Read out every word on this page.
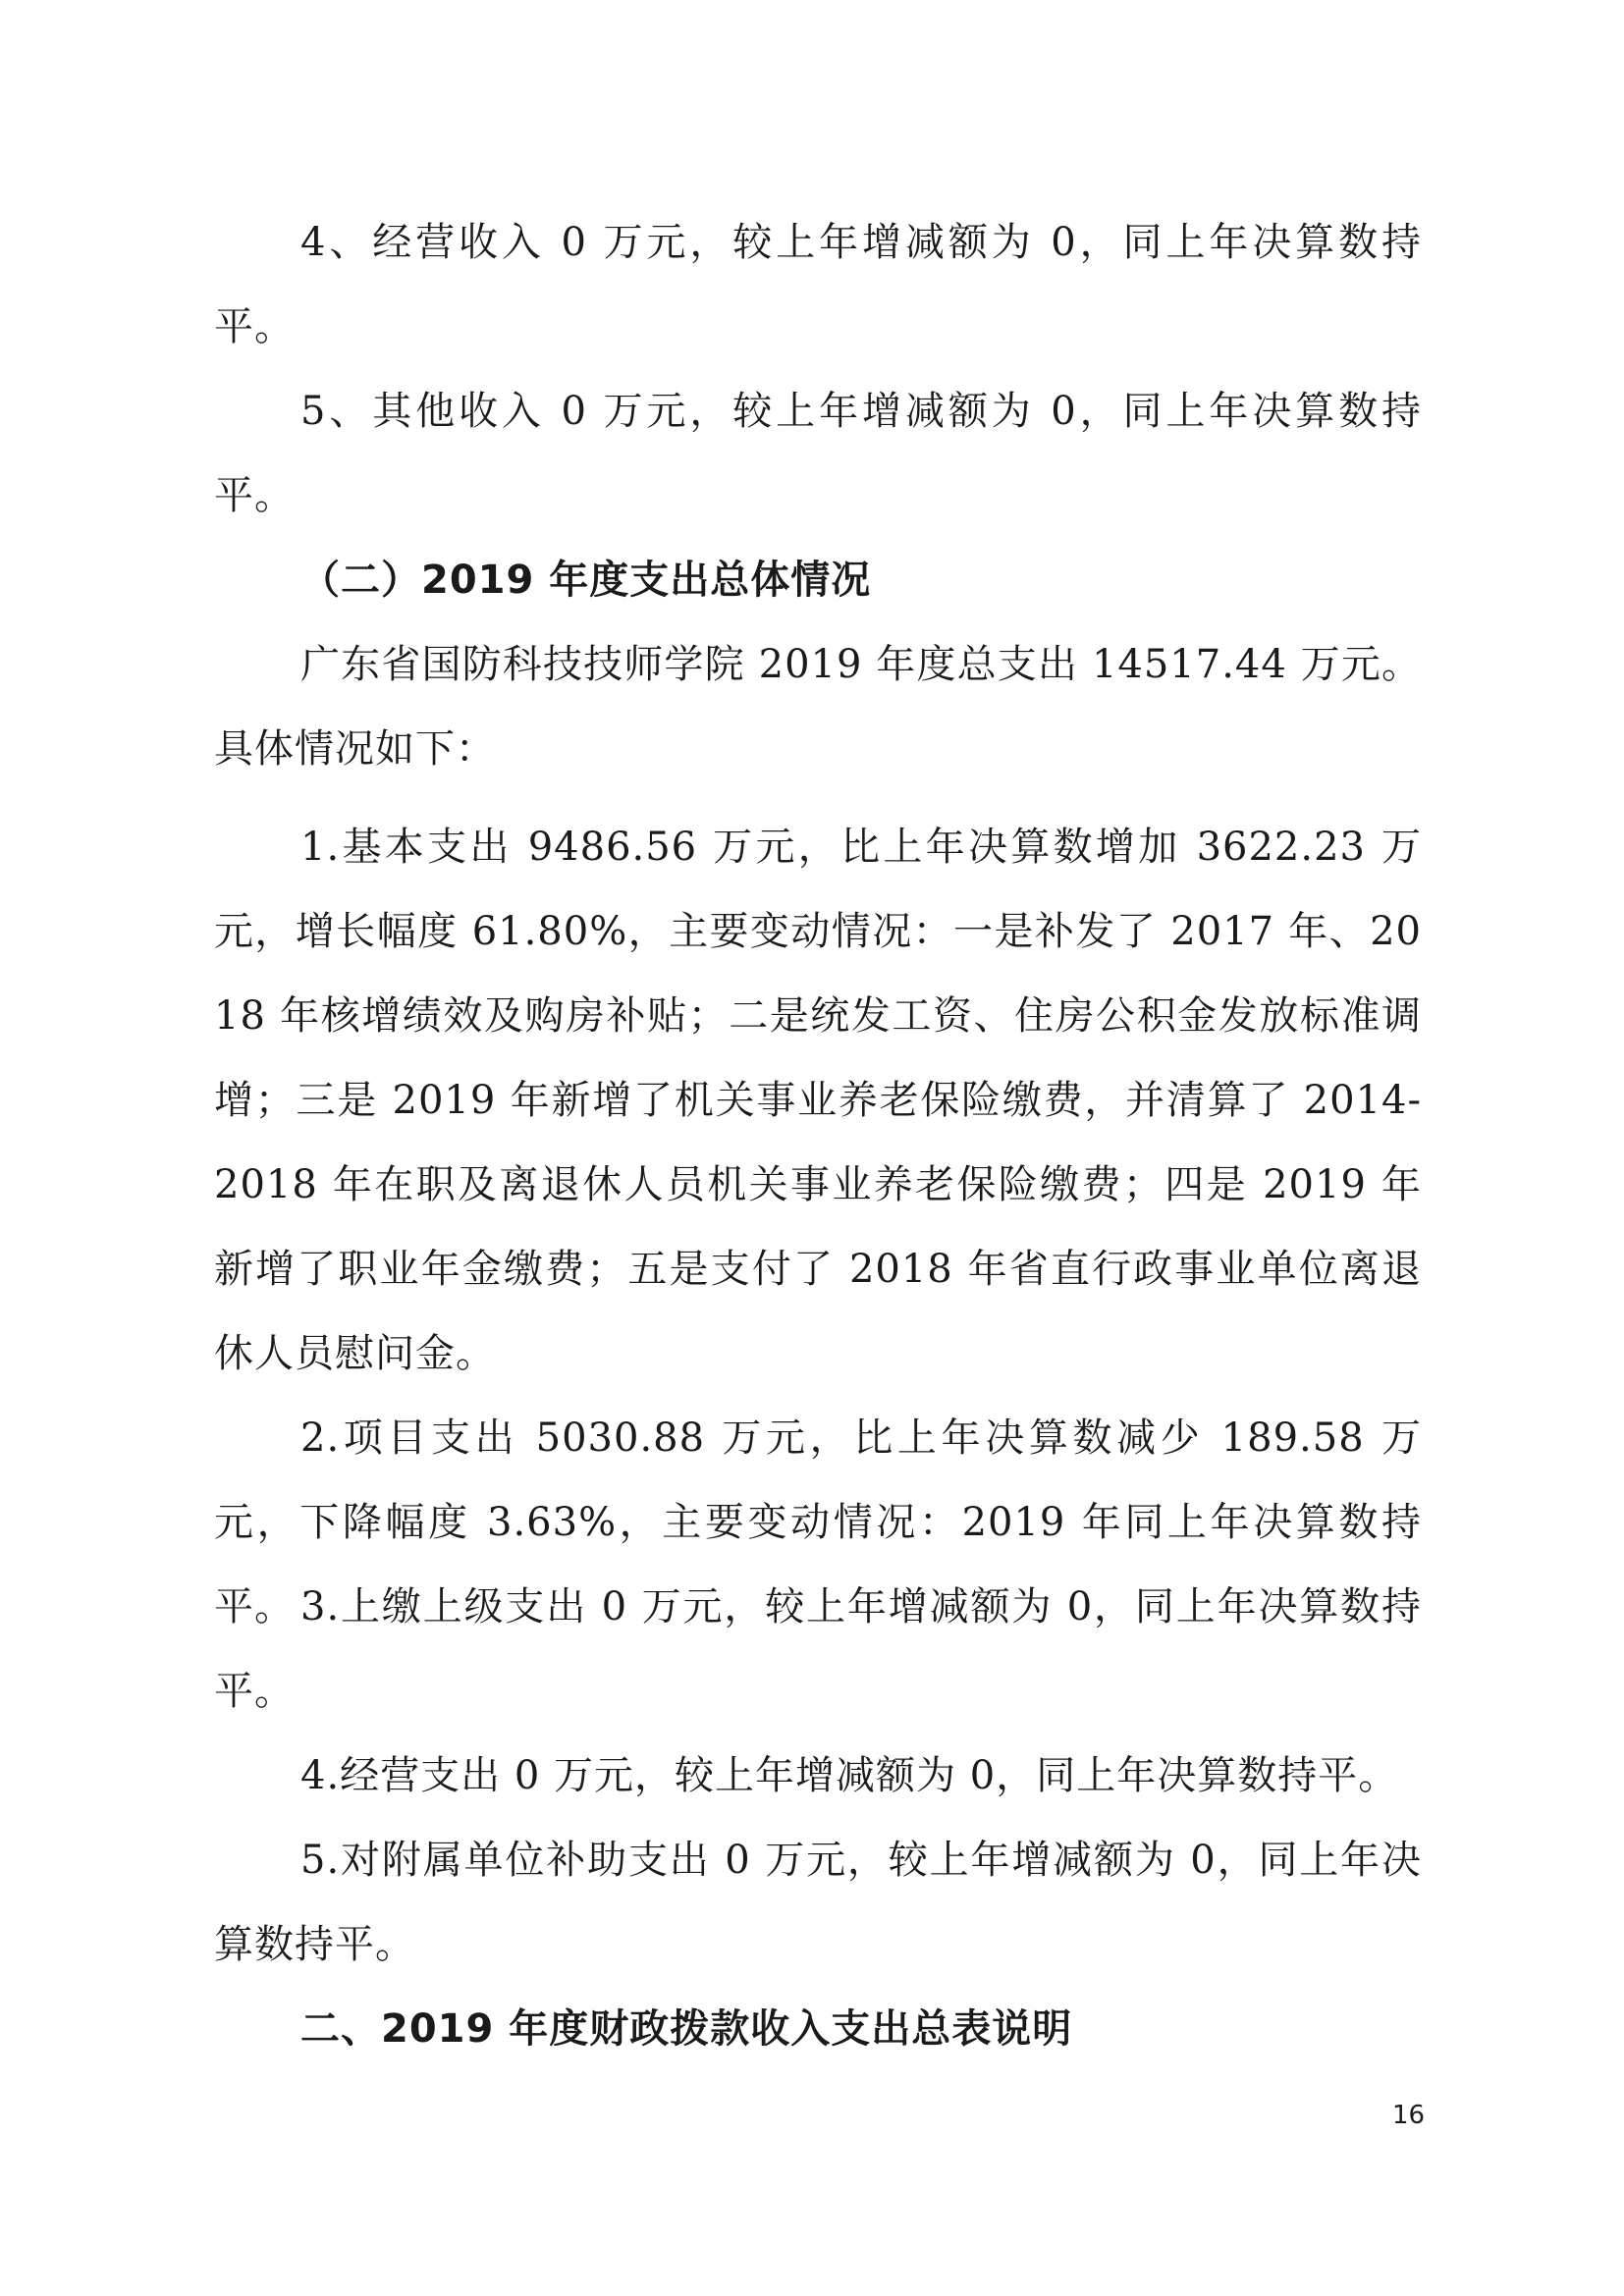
4、经营收入 0 万元，较上年增减额为 0，同上年决算数持平。

5、其他收入 0 万元，较上年增减额为 0，同上年决算数持平。

（二）2019 年度支出总体情况

广东省国防科技技师学院 2019 年度总支出 14517.44 万元。具体情况如下：

1.基本支出 9486.56 万元，比上年决算数增加 3622.23 万元，增长幅度 61.80%，主要变动情况：一是补发了 2017 年、2018 年核增绩效及购房补贴；二是统发工资、住房公积金发放标准调增；三是 2019 年新增了机关事业养老保险缴费，并清算了 2014-2018 年在职及离退休人员机关事业养老保险缴费；四是 2019 年新增了职业年金缴费；五是支付了 2018 年省直行政事业单位离退休人员慰问金。

2.项目支出 5030.88 万元，比上年决算数减少 189.58 万元，下降幅度 3.63%，主要变动情况：2019 年同上年决算数持平。 3.上缴上级支出 0 万元，较上年增减额为 0，同上年决算数持平。

4.经营支出 0 万元，较上年增减额为 0，同上年决算数持平。

5.对附属单位补助支出 0 万元，较上年增减额为 0，同上年决算数持平。

二、2019 年度财政拨款收入支出总表说明
16
